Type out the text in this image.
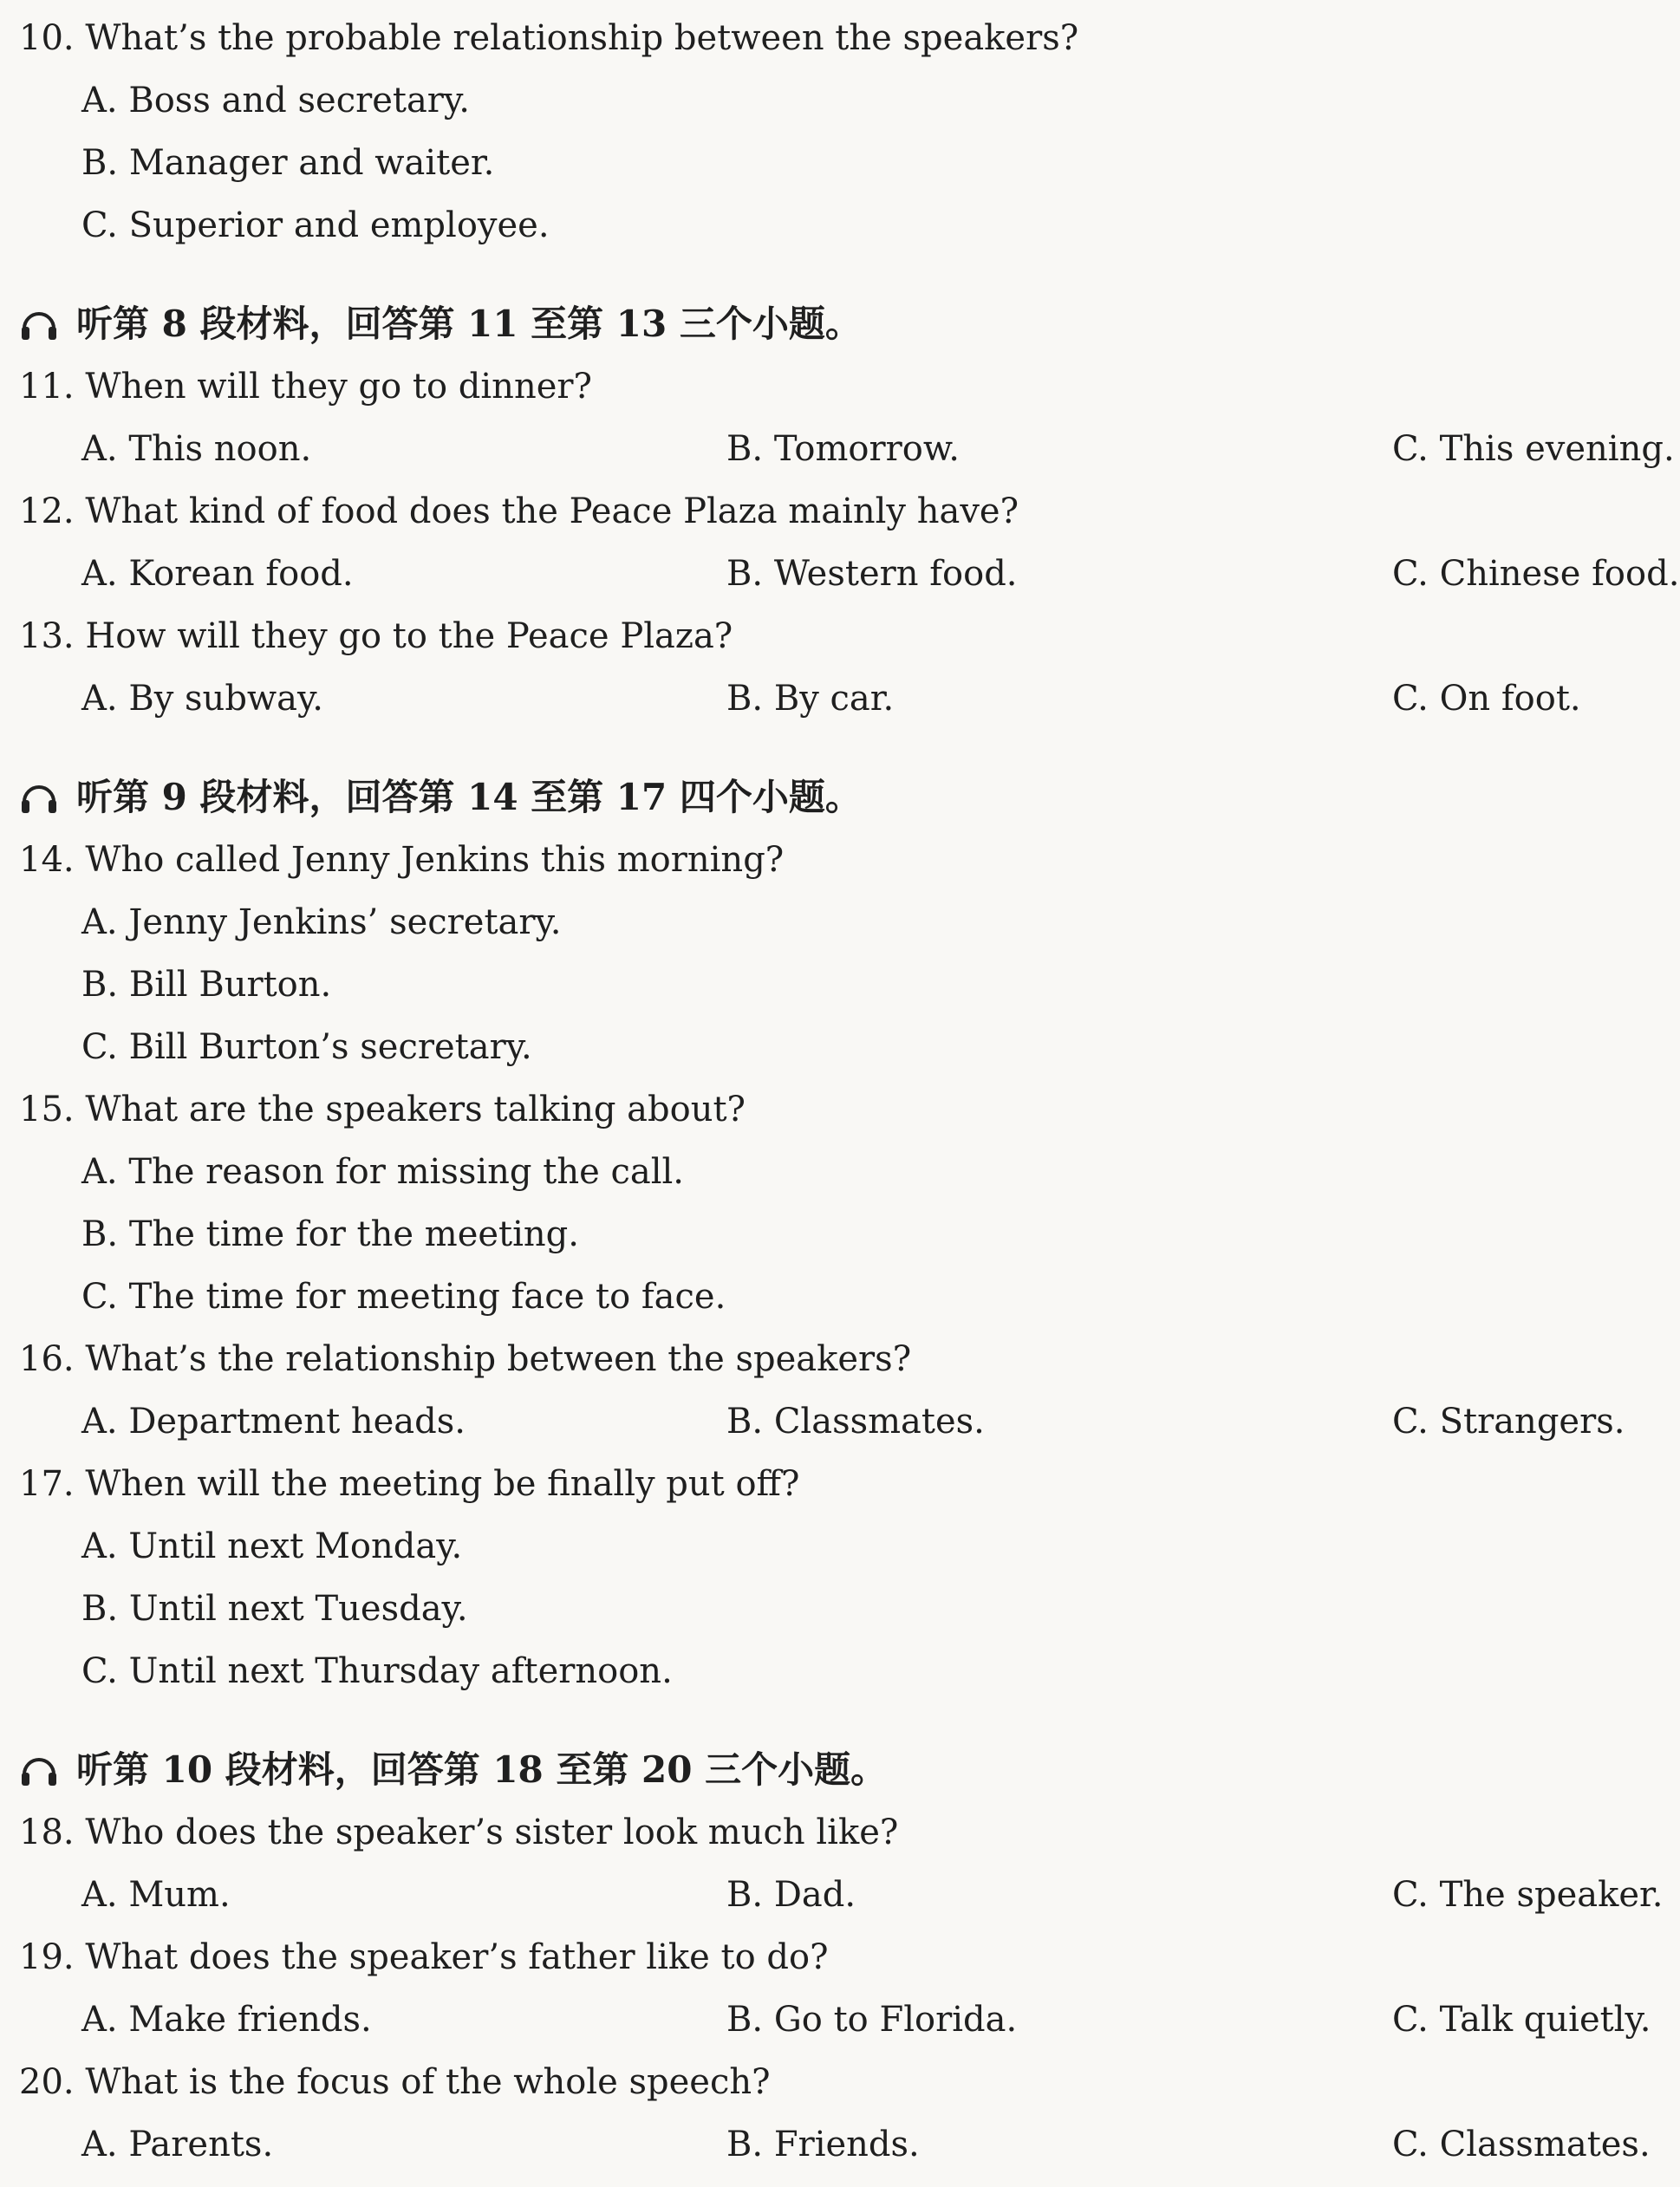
10. What’s the probable relationship between the speakers?
A. Boss and secretary.
B. Manager and waiter.
C. Superior and employee.
听第 8 段材料，回答第 11 至第 13 三个小题。
11. When will they go to dinner?
A. This noon.	B. Tomorrow.	C. This evening.
12. What kind of food does the Peace Plaza mainly have?
A. Korean food.	B. Western food.	C. Chinese food.
13. How will they go to the Peace Plaza?
A. By subway.	B. By car.	C. On foot.
听第 9 段材料，回答第 14 至第 17 四个小题。
14. Who called Jenny Jenkins this morning?
A. Jenny Jenkins’ secretary.
B. Bill Burton.
C. Bill Burton’s secretary.
15. What are the speakers talking about?
A. The reason for missing the call.
B. The time for the meeting.
C. The time for meeting face to face.
16. What’s the relationship between the speakers?
A. Department heads.	B. Classmates.	C. Strangers.
17. When will the meeting be finally put off?
A. Until next Monday.
B. Until next Tuesday.
C. Until next Thursday afternoon.
听第 10 段材料，回答第 18 至第 20 三个小题。
18. Who does the speaker’s sister look much like?
A. Mum.	B. Dad.	C. The speaker.
19. What does the speaker’s father like to do?
A. Make friends.	B. Go to Florida.	C. Talk quietly.
20. What is the focus of the whole speech?
A. Parents.	B. Friends.	C. Classmates.
